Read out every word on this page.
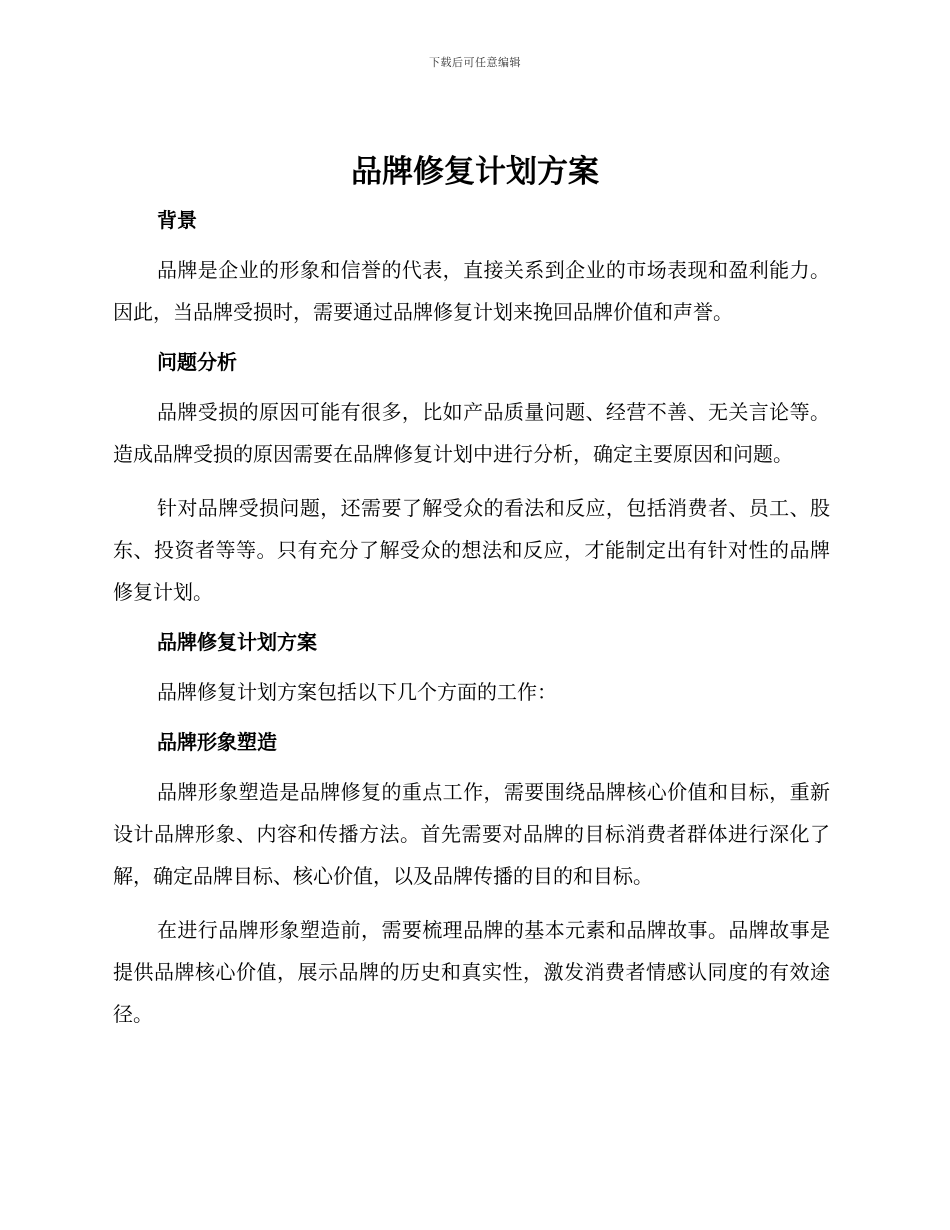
下载后可任意编辑
品牌修复计划方案
背景

品牌是企业的形象和信誉的代表，直接关系到企业的市场表现和盈利能力。因此，当品牌受损时，需要通过品牌修复计划来挽回品牌价值和声誉。

问题分析

品牌受损的原因可能有很多，比如产品质量问题、经营不善、无关言论等。造成品牌受损的原因需要在品牌修复计划中进行分析，确定主要原因和问题。

针对品牌受损问题，还需要了解受众的看法和反应，包括消费者、员工、股东、投资者等等。只有充分了解受众的想法和反应，才能制定出有针对性的品牌修复计划。

品牌修复计划方案

品牌修复计划方案包括以下几个方面的工作：

品牌形象塑造

品牌形象塑造是品牌修复的重点工作，需要围绕品牌核心价值和目标，重新设计品牌形象、内容和传播方法。首先需要对品牌的目标消费者群体进行深化了解，确定品牌目标、核心价值，以及品牌传播的目的和目标。

在进行品牌形象塑造前，需要梳理品牌的基本元素和品牌故事。品牌故事是提供品牌核心价值，展示品牌的历史和真实性，激发消费者情感认同度的有效途径。
